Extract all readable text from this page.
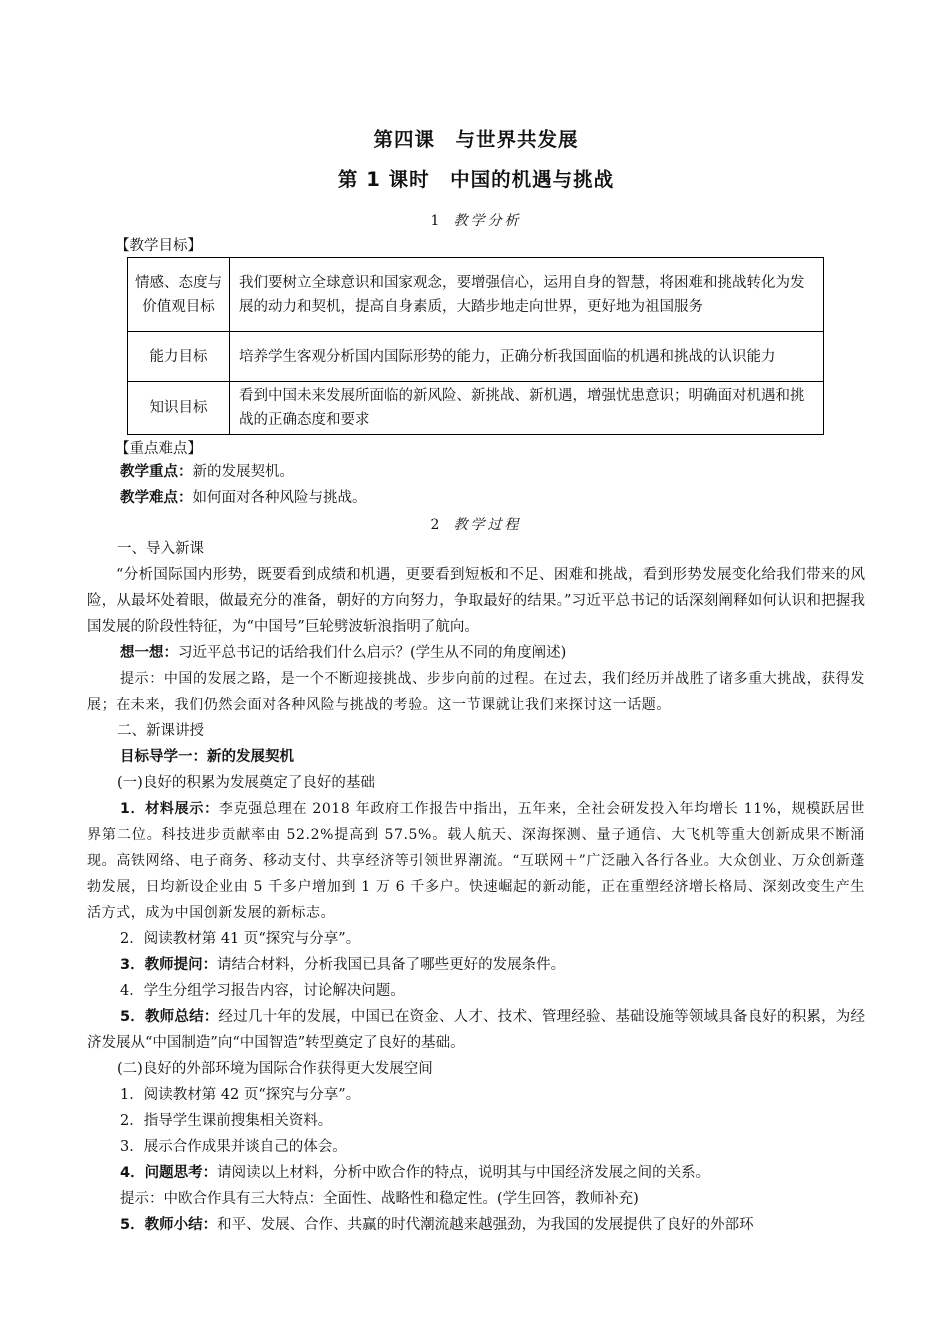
第四课　与世界共发展
第 1 课时　中国的机遇与挑战
1 教学分析
【教学目标】
情感、态度与价值观目标	我们要树立全球意识和国家观念，要增强信心，运用自身的智慧，将困难和挑战转化为发展的动力和契机，提高自身素质，大踏步地走向世界，更好地为祖国服务
能力目标	培养学生客观分析国内国际形势的能力，正确分析我国面临的机遇和挑战的认识能力
知识目标	看到中国未来发展所面临的新风险、新挑战、新机遇，增强忧患意识；明确面对机遇和挑战的正确态度和要求
【重点难点】
教学重点：新的发展契机。
教学难点：如何面对各种风险与挑战。
2 教学过程
一、导入新课
“分析国际国内形势，既要看到成绩和机遇，更要看到短板和不足、困难和挑战，看到形势发展变化给我们带来的风险，从最坏处着眼，做最充分的准备，朝好的方向努力，争取最好的结果。”习近平总书记的话深刻阐释如何认识和把握我国发展的阶段性特征，为“中国号”巨轮劈波斩浪指明了航向。
想一想：习近平总书记的话给我们什么启示？(学生从不同的角度阐述)
提示：中国的发展之路，是一个不断迎接挑战、步步向前的过程。在过去，我们经历并战胜了诸多重大挑战，获得发展；在未来，我们仍然会面对各种风险与挑战的考验。这一节课就让我们来探讨这一话题。
二、新课讲授
目标导学一：新的发展契机
(一)良好的积累为发展奠定了良好的基础
1．材料展示：李克强总理在 2018 年政府工作报告中指出，五年来，全社会研发投入年均增长 11%，规模跃居世界第二位。科技进步贡献率由 52.2%提高到 57.5%。载人航天、深海探测、量子通信、大飞机等重大创新成果不断涌现。高铁网络、电子商务、移动支付、共享经济等引领世界潮流。“互联网＋”广泛融入各行各业。大众创业、万众创新蓬勃发展，日均新设企业由 5 千多户增加到 1 万 6 千多户。快速崛起的新动能，正在重塑经济增长格局、深刻改变生产生活方式，成为中国创新发展的新标志。
2．阅读教材第 41 页“探究与分享”。
3．教师提问：请结合材料，分析我国已具备了哪些更好的发展条件。
4．学生分组学习报告内容，讨论解决问题。
5．教师总结：经过几十年的发展，中国已在资金、人才、技术、管理经验、基础设施等领域具备良好的积累，为经济发展从“中国制造”向“中国智造”转型奠定了良好的基础。
(二)良好的外部环境为国际合作获得更大发展空间
1．阅读教材第 42 页“探究与分享”。
2．指导学生课前搜集相关资料。
3．展示合作成果并谈自己的体会。
4．问题思考：请阅读以上材料，分析中欧合作的特点，说明其与中国经济发展之间的关系。
提示：中欧合作具有三大特点：全面性、战略性和稳定性。(学生回答，教师补充)
5．教师小结：和平、发展、合作、共赢的时代潮流越来越强劲，为我国的发展提供了良好的外部环
